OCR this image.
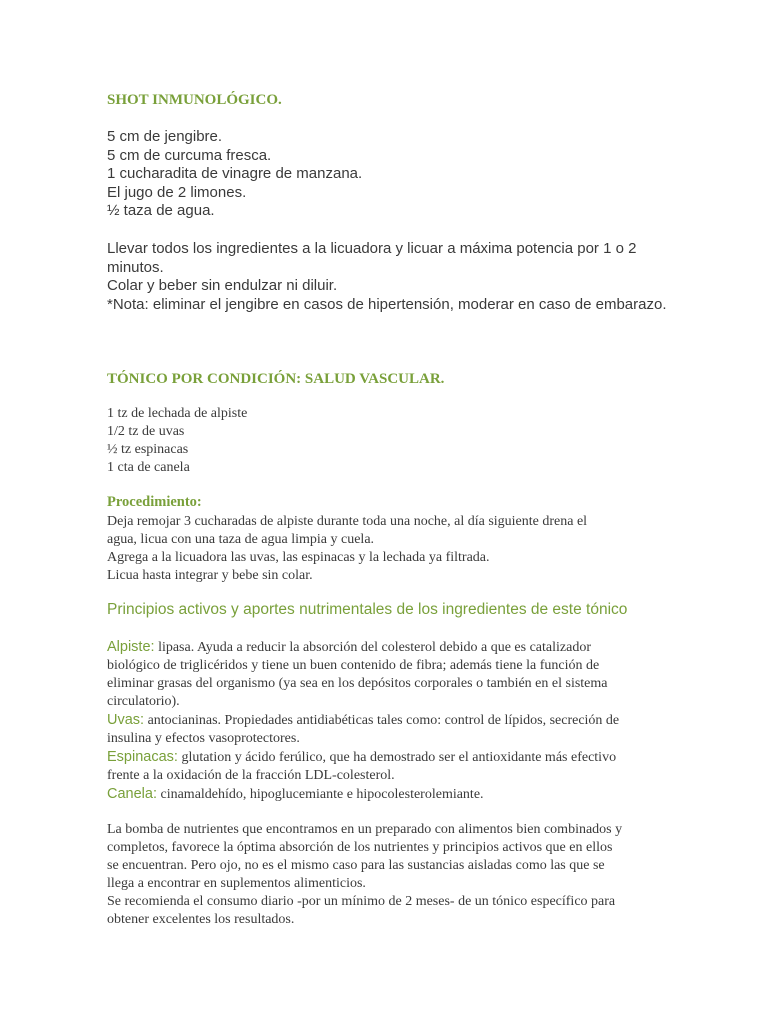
SHOT INMUNOLÓGICO.
5 cm de jengibre.
5 cm de curcuma fresca.
1 cucharadita de vinagre de manzana.
El jugo de 2 limones.
½ taza de agua.
Llevar todos los ingredientes a la licuadora y licuar a máxima potencia por 1 o 2
minutos.
Colar y beber sin endulzar ni diluir.
*Nota: eliminar el jengibre en casos de hipertensión, moderar en caso de embarazo.
TÓNICO POR CONDICIÓN: SALUD VASCULAR.
1 tz de lechada de alpiste
1/2 tz de uvas
½ tz espinacas
1 cta de canela
Procedimiento:
Deja remojar 3 cucharadas de alpiste durante toda una noche, al día siguiente drena el
agua, licua con una taza de agua limpia y cuela.
Agrega a la licuadora las uvas, las espinacas y la lechada ya filtrada.
Licua hasta integrar y bebe sin colar.
Principios activos y aportes nutrimentales de los ingredientes de este tónico
Alpiste: lipasa. Ayuda a reducir la absorción del colesterol debido a que es catalizador
biológico de triglicéridos y tiene un buen contenido de fibra; además tiene la función de
eliminar grasas del organismo (ya sea en los depósitos corporales o también en el sistema
circulatorio).
Uvas: antocianinas. Propiedades antidiabéticas tales como: control de lípidos, secreción de
insulina y efectos vasoprotectores.
Espinacas: glutation y ácido ferúlico, que ha demostrado ser el antioxidante más efectivo
frente a la oxidación de la fracción LDL-colesterol.
Canela: cinamaldehído, hipoglucemiante e hipocolesterolemiante.
La bomba de nutrientes que encontramos en un preparado con alimentos bien combinados y
completos, favorece la óptima absorción de los nutrientes y principios activos que en ellos
se encuentran. Pero ojo, no es el mismo caso para las sustancias aisladas como las que se
llega a encontrar en suplementos alimenticios.
Se recomienda el consumo diario -por un mínimo de 2 meses- de un tónico específico para
obtener excelentes los resultados.
